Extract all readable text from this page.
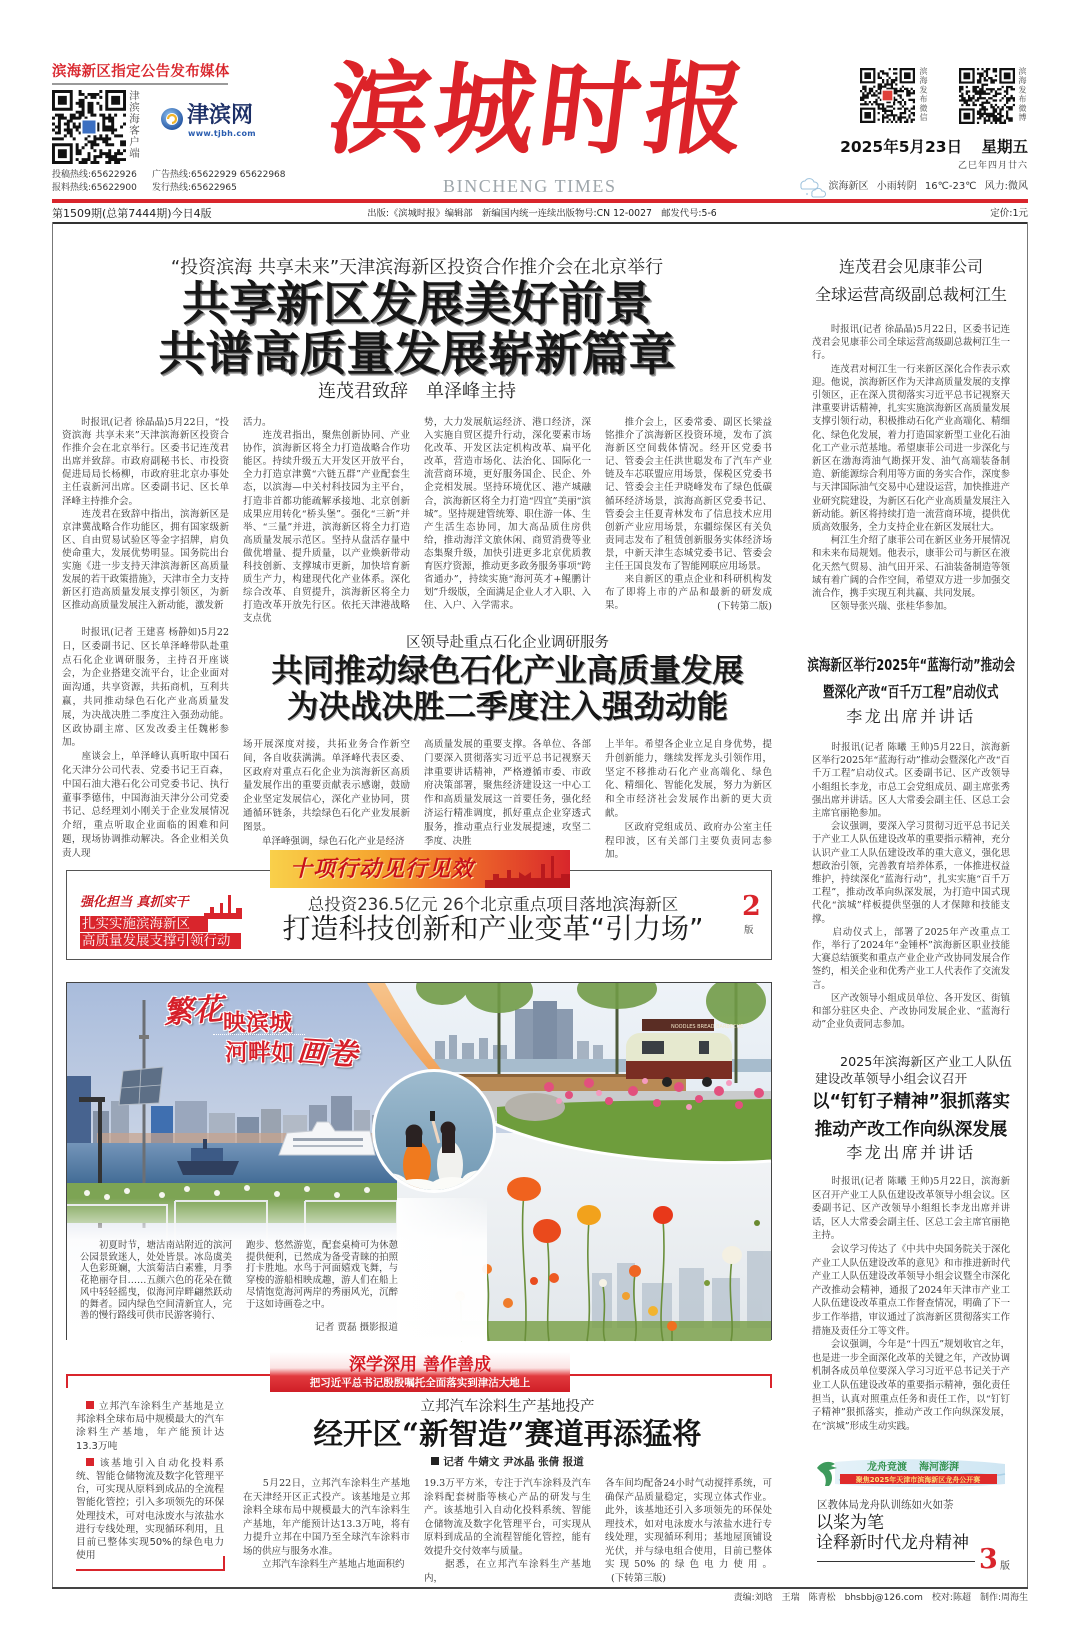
滨海新区指定公告发布媒体
津滨海客户端 津滨网
www.tjbh.com
投稿热线:65622926 广告热线:65622929 65622968
报料热线:65622900 发行热线:65622965
滨城时报
BINCHENG TIMES
滨海发布微信	滨海发布微博
2025年5月23日 星期五
乙巳年四月廿六
滨海新区 小雨转阴 16℃-23℃ 风力:微风
第1509期(总第7444期)今日4版	出版:《滨城时报》编辑部　新编国内统一连续出版物号:CN 12-0027　邮发代号:5-6	定价:1元
“投资滨海 共享未来”天津滨海新区投资合作推介会在北京举行
共享新区发展美好前景
共谱高质量发展崭新篇章
连茂君致辞　单泽峰主持

　　时报讯(记者 徐晶晶)5月22日，“投资滨海 共享未来”天津滨海新区投资合作推介会在北京举行。区委书记连茂君出席并致辞。市政府副秘书长、市投资促进局局长杨柳，市政府驻北京办事处主任袁新河出席。区委副书记、区长单泽峰主持推介会。

　　连茂君在致辞中指出，滨海新区是京津冀战略合作功能区，拥有国家级新区、自由贸易试验区等金字招牌，肩负使命重大，发展优势明显。国务院出台实施《进一步支持天津滨海新区高质量发展的若干政策措施》，天津市全力支持新区打造高质量发展支撑引领区，为新区推动高质量发展注入新动能，激发新

活力。

　　连茂君指出，聚焦创新协同、产业协作，滨海新区将全力打造战略合作功能区。持续升级五大开发区开放平台，全力打造京津冀“六链五群”产业配套生态，以滨海—中关村科技园为主平台，打造非首都功能疏解承接地、北京创新成果应用转化“桥头堡”。强化“三新”并举、“三量”并进，滨海新区将全力打造高质量发展示范区。坚持从盘活存量中做优增量、提升质量，以产业焕新带动科技创新、支撑城市更新，加快培育新质生产力，构建现代化产业体系。深化综合改革、自贸提升，滨海新区将全力打造改革开放先行区。依托天津港战略支点优

势，大力发展航运经济、港口经济，深入实施自贸区提升行动，深化要素市场化改革、开发区法定机构改革、扁平化改革，营造市场化、法治化、国际化一流营商环境，更好服务国企、民企、外企竞相发展。坚持环境优区、港产城融合，滨海新区将全力打造“四宜”美丽“滨城”。坚持规建管统筹、职住游一体、生产生活生态协同，加大高品质住房供给，推动海洋文旅休闲、商贸消费等业态集聚升级，加快引进更多北京优质教育医疗资源，推动更多政务服务事项“跨省通办”，持续实施“海河英才+鲲鹏计划”升级版，全面满足企业人才入职、入住、入户、入学需求。

　　推介会上，区委常委、副区长梁益铭推介了滨海新区投资环境，发布了滨海新区空间载体情况。经开区党委书记、管委会主任洪世聪发布了汽车产业链及车芯联盟应用场景，保税区党委书记、管委会主任尹晓峰发布了绿色低碳循环经济场景，滨海高新区党委书记、管委会主任夏青林发布了信息技术应用创新产业应用场景，东疆综保区有关负责同志发布了租赁创新服务实体经济场景，中新天津生态城党委书记、管委会主任王国良发布了智能网联应用场景。

　　来自新区的重点企业和科研机构发布了即将上市的产品和最新的研发成果。	(下转第二版)

　　时报讯(记者 王建喜 杨静如)5月22日，区委副书记、区长单泽峰带队赴重点石化企业调研服务，主持召开座谈会，为企业搭建交流平台，让企业面对面沟通，共享资源，共拓商机，互利共赢，共同推动绿色石化产业高质量发展，为决战决胜二季度注入强劲动能。区政协副主席、区发改委主任魏彬参加。

　　座谈会上，单泽峰认真听取中国石化天津分公司代表、党委书记王百森，中国石油大港石化公司党委书记、执行董事季德伟，中国海油天津分公司党委书记、总经理刘小刚关于企业发展情况介绍，重点听取企业面临的困难和问题，现场协调推动解决。各企业相关负责人现

区领导赴重点石化企业调研服务
共同推动绿色石化产业高质量发展
为决战决胜二季度注入强劲动能

场开展深度对接，共拓业务合作新空间，各自收获满满。单泽峰代表区委、区政府对重点石化企业为滨海新区高质量发展作出的重要贡献表示感谢，鼓励企业坚定发展信心，深化产业协同，贯通循环链条，共绘绿色石化产业发展新图景。

　　单泽峰强调，绿色石化产业是经济

高质量发展的重要支撑。各单位、各部门要深入贯彻落实习近平总书记视察天津重要讲话精神，严格遵循市委、市政府决策部署，聚焦经济建设这一中心工作和高质量发展这一首要任务，强化经济运行精准调度，抓好重点企业穿透式服务，推动重点行业发展提速，攻坚二季度、决胜

上半年。希望各企业立足自身优势，提升创新能力，继续发挥龙头引领作用，坚定不移推动石化产业高端化、绿色化、精细化、智能化发展，努力为新区和全市经济社会发展作出新的更大贡献。

　　区政府党组成员、政府办公室主任程印波，区有关部门主要负责同志参加。

十项行动见行见效
强化担当 真抓实干
扎实实施滨海新区
高质量发展支撑引领行动
总投资236.5亿元 26个北京重点项目落地滨海新区
打造科技创新和产业变革“引力场”
2
版
NOODLES BREAD BARBECUE
繁花
映滨城
河畔如 画卷
　　初夏时节，塘沽南站附近的滨河公园景致迷人，处处皆景。冰岛虞美人色彩斑斓，大滨菊洁白素雅，月季花艳丽夺目……五颜六色的花朵在微风中轻轻摇曳，似海河岸畔翩然跃动的舞者。园内绿色空间清新宜人，完善的慢行路线可供市民游客骑行、
跑步、悠然游览，配套桌椅可为休憩提供便利，已然成为备受青睐的拍照打卡胜地。水鸟于河面嬉戏飞舞，与穿梭的游船相映成趣，游人们在船上尽情饱览海河两岸的秀丽风光，沉醉于这如诗画卷之中。
记者 贾磊 摄影报道
深学深用 善作善成
把习近平总书记殷殷嘱托全面落实到津沽大地上

立邦汽车涂料生产基地是立邦涂料全球布局中规模最大的汽车涂料生产基地，年产能预计达13.3万吨

该基地引入自动化投料系统、智能仓储物流及数字化管理平台，可实现从原料到成品的全流程智能化管控；引入多项领先的环保处理技术，可对电泳废水与浓盐水进行专线处理，实现循环利用，且目前已整体实现50%的绿色电力使用

立邦汽车涂料生产基地投产
经开区“新智造”赛道再添猛将
记者 牛婧文 尹冰晶 张倩 报道

　　5月22日，立邦汽车涂料生产基地在天津经开区正式投产。该基地是立邦涂料全球布局中规模最大的汽车涂料生产基地，年产能预计达13.3万吨，将有力提升立邦在中国乃至全球汽车涂料市场的供应与服务水准。

　　立邦汽车涂料生产基地占地面积约

19.3万平方米，专注于汽车涂料及汽车涂料配套树脂等核心产品的研发与生产。该基地引入自动化投料系统、智能仓储物流及数字化管理平台，可实现从原料到成品的全流程智能化管控，能有效提升交付效率与质量。

　　据悉，在立邦汽车涂料生产基地内，

各车间均配备24小时气动搅拌系统，可确保产品质量稳定，实现立体式作业。此外，该基地还引入多项领先的环保处理技术，如对电泳废水与浓盐水进行专线处理，实现循环利用；基地屋顶铺设光伏，并与绿电组合使用，目前已整体实现50%的绿色电力使用。(下转第三版)
连茂君会见康菲公司
全球运营高级副总裁柯江生

　　时报讯(记者 徐晶晶)5月22日，区委书记连茂君会见康菲公司全球运营高级副总裁柯江生一行。

　　连茂君对柯江生一行来新区深化合作表示欢迎。他说，滨海新区作为天津高质量发展的支撑引领区，正在深入贯彻落实习近平总书记视察天津重要讲话精神，扎实实施滨海新区高质量发展支撑引领行动，积极推动石化产业高端化、精细化、绿色化发展，着力打造国家新型工业化石油化工产业示范基地。希望康菲公司进一步深化与新区在渤海湾油气勘探开发、油气高端装备制造、新能源综合利用等方面的务实合作，深度参与天津国际油气交易中心建设运营，加快推进产业研究院建设，为新区石化产业高质量发展注入新动能。新区将持续打造一流营商环境，提供优质高效服务，全力支持企业在新区发展壮大。

　　柯江生介绍了康菲公司在新区业务开展情况和未来布局规划。他表示，康菲公司与新区在液化天然气贸易、油气田开采、石油装备制造等领域有着广阔的合作空间，希望双方进一步加强交流合作，携手实现互利共赢、共同发展。

　　区领导张兴瑞、张桂华参加。

滨海新区举行2025年“蓝海行动”推动会
暨深化产改“百千万工程”启动仪式
李龙出席并讲话

　　时报讯(记者 陈曦 王帅)5月22日，滨海新区举行2025年“蓝海行动”推动会暨深化产改“百千万工程”启动仪式。区委副书记、区产改领导小组组长李龙，市总工会党组成员、副主席张秀强出席并讲话。区人大常委会副主任、区总工会主席官丽艳参加。

　　会议强调，要深入学习贯彻习近平总书记关于产业工人队伍建设改革的重要指示精神，充分认识产业工人队伍建设改革的重大意义，强化思想政治引领，完善教育培养体系，一体推进权益维护，持续深化“蓝海行动”，扎实实施“百千万工程”，推动改革向纵深发展，为打造中国式现代化“滨城”样板提供坚强的人才保障和技能支撑。

　　启动仪式上，部署了2025年产改重点工作，举行了2024年“金锤杯”滨海新区职业技能大赛总结颁奖和重点产业企业产改协同发展合作签约，相关企业和优秀产业工人代表作了交流发言。

　　区产改领导小组成员单位、各开发区、街镇和部分驻区央企、产改协同发展企业、“蓝海行动”企业负责同志参加。

2025年滨海新区产业工人队伍
建设改革领导小组会议召开
以“钉钉子精神”狠抓落实
推动产改工作向纵深发展
李龙出席并讲话

　　时报讯(记者 陈曦 王帅)5月22日，滨海新区召开产业工人队伍建设改革领导小组会议。区委副书记、区产改领导小组组长李龙出席并讲话，区人大常委会副主任、区总工会主席官丽艳主持。

　　会议学习传达了《中共中央国务院关于深化产业工人队伍建设改革的意见》和市推进新时代产业工人队伍建设改革领导小组会议暨全市深化产改推动会精神，通报了2024年天津市产业工人队伍建设改革重点工作督查情况，明确了下一步工作举措，审议通过了滨海新区贯彻落实工作措施及责任分工等文件。

　　会议强调，今年是“十四五”规划收官之年，也是进一步全面深化改革的关键之年，产改协调机制各成员单位要深入学习习近平总书记关于产业工人队伍建设改革的重要指示精神，强化责任担当，认真对照重点任务和责任工作，以“钉钉子精神”狠抓落实，推动产改工作向纵深发展，在“滨城”形成生动实践。

龙舟竞渡 海河澎湃
聚焦2025年天津市滨海新区龙舟公开赛
区教体局龙舟队训练如火如荼
以桨为笔
诠释新时代龙舟精神
3 版
责编:刘晗　王瑞　陈青松　bhsbbj@126.com　校对:陈超　制作:周海生
